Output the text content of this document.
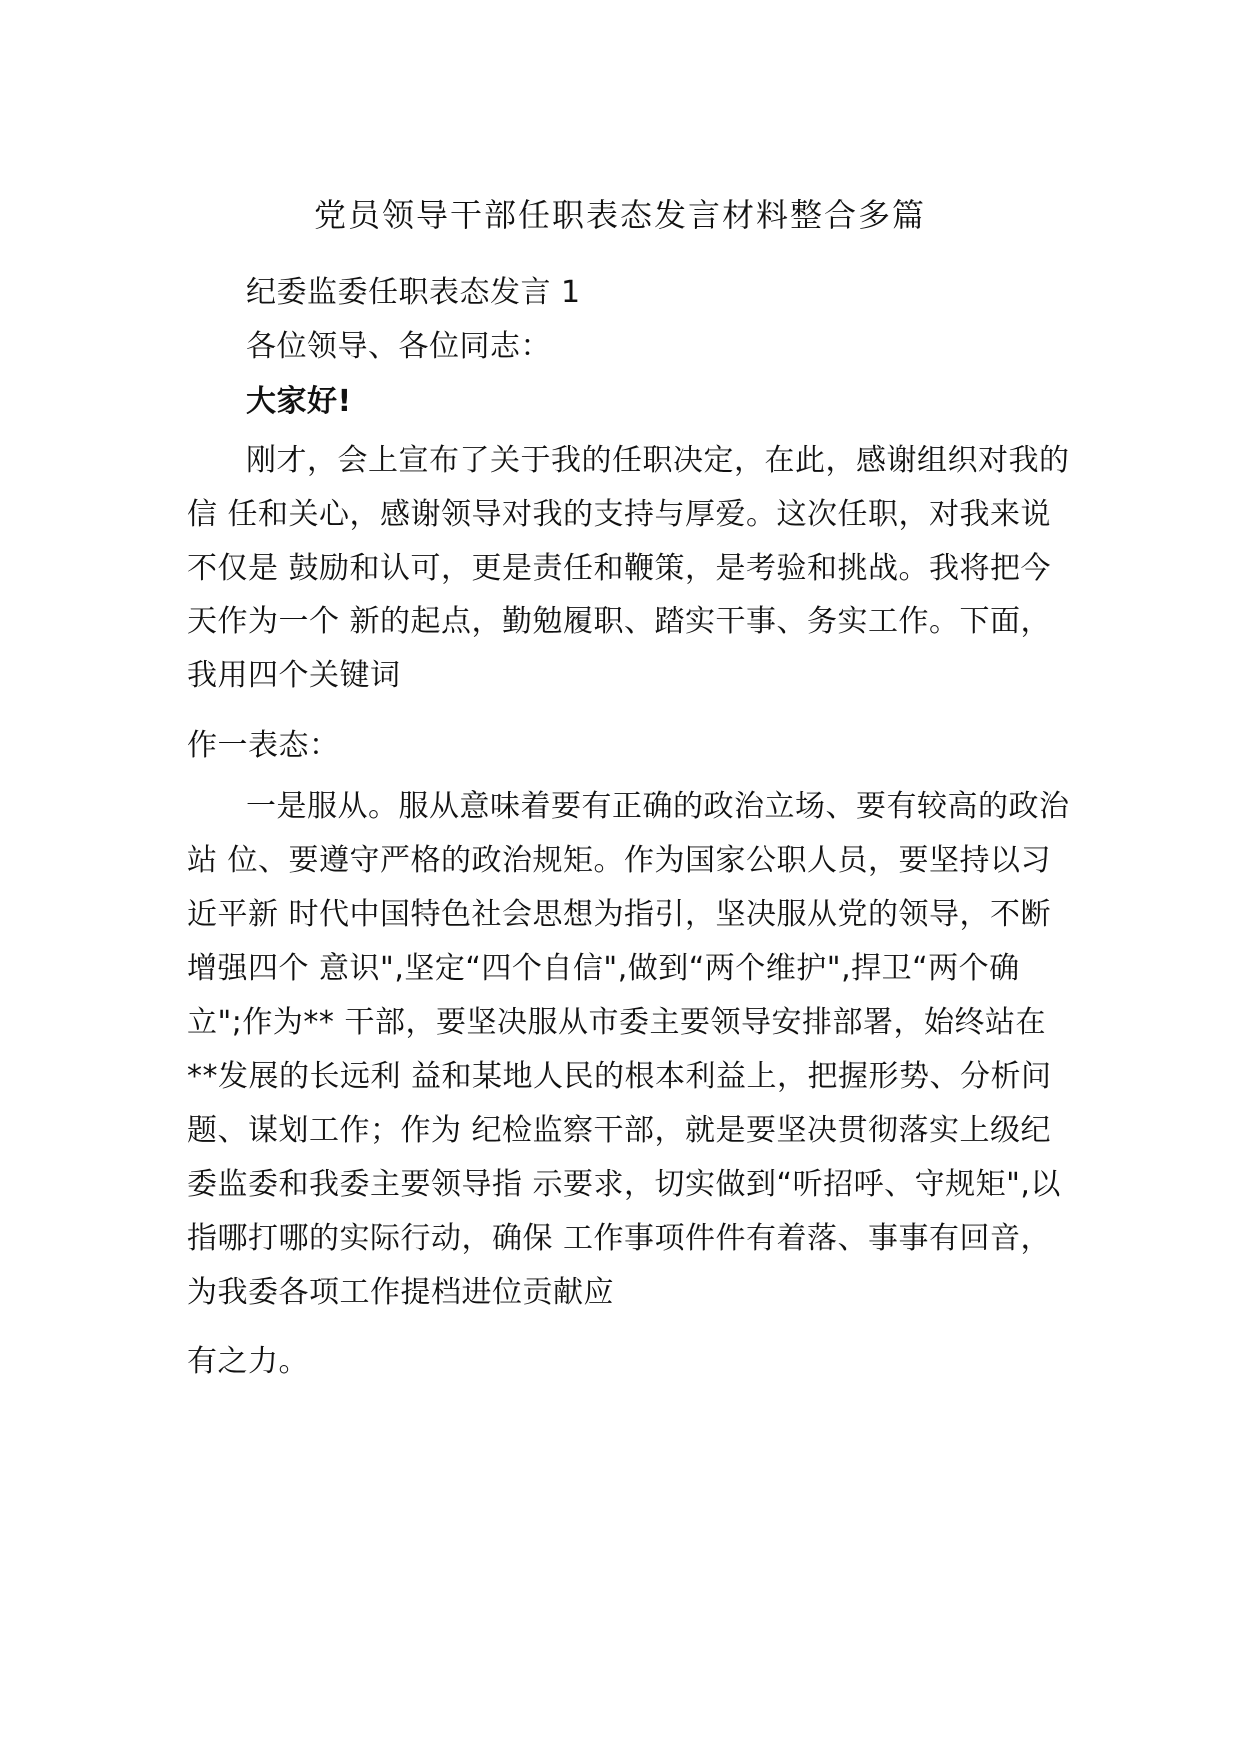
党员领导干部任职表态发言材料整合多篇
纪委监委任职表态发言 1
各位领导、各位同志：
大家好!
刚才，会上宣布了关于我的任职决定，在此，感谢组织对我的
信 任和关心，感谢领导对我的支持与厚爱。这次任职，对我来说
不仅是 鼓励和认可，更是责任和鞭策，是考验和挑战。我将把今
天作为一个 新的起点，勤勉履职、踏实干事、务实工作。下面，
我用四个关键词
作一表态：
一是服从。服从意味着要有正确的政治立场、要有较高的政治
站 位、要遵守严格的政治规矩。作为国家公职人员，要坚持以习
近平新 时代中国特色社会思想为指引，坚决服从党的领导，不断
增强四个 意识",坚定“四个自信",做到“两个维护",捍卫“两个确
立";作为** 干部，要坚决服从市委主要领导安排部署，始终站在
**发展的长远利 益和某地人民的根本利益上，把握形势、分析问
题、谋划工作；作为 纪检监察干部，就是要坚决贯彻落实上级纪
委监委和我委主要领导指 示要求，切实做到“听招呼、守规矩",以
指哪打哪的实际行动，确保 工作事项件件有着落、事事有回音，
为我委各项工作提档进位贡献应
有之力。
